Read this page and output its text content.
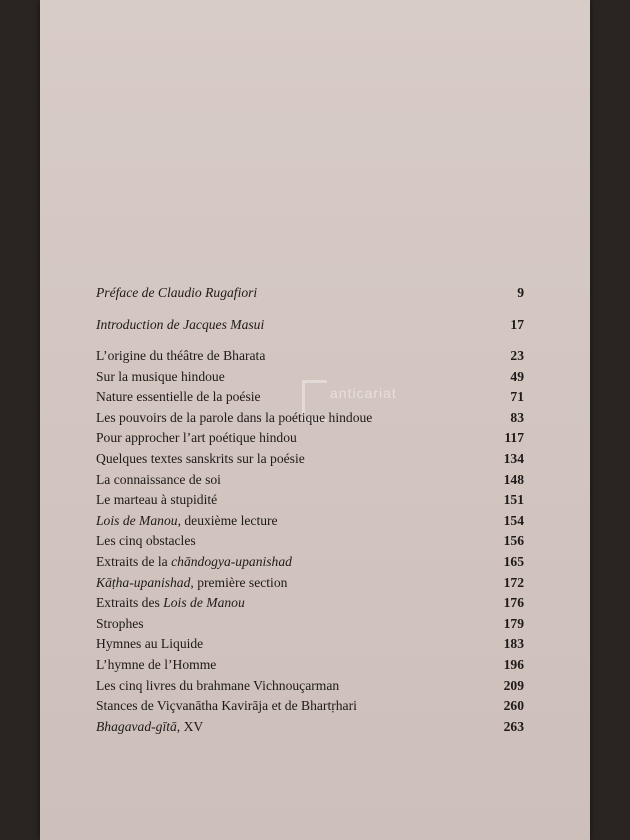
anticariat
Préface de Claudio Rugafiori	9
Introduction de Jacques Masui	17
L’origine du théâtre de Bharata	23
Sur la musique hindoue	49
Nature essentielle de la poésie	71
Les pouvoirs de la parole dans la poétique hindoue	83
Pour approcher l’art poétique hindou	117
Quelques textes sanskrits sur la poésie	134
La connaissance de soi	148
Le marteau à stupidité	151
Lois de Manou, deuxième lecture	154
Les cinq obstacles	156
Extraits de la chāndogya-upanishad	165
Kāṭha-upanishad, première section	172
Extraits des Lois de Manou	176
Strophes	179
Hymnes au Liquide	183
L’hymne de l’Homme	196
Les cinq livres du brahmane Vichnouçarman	209
Stances de Viçvanātha Kavirāja et de Bhartṛhari	260
Bhagavad-gītā, XV	263
